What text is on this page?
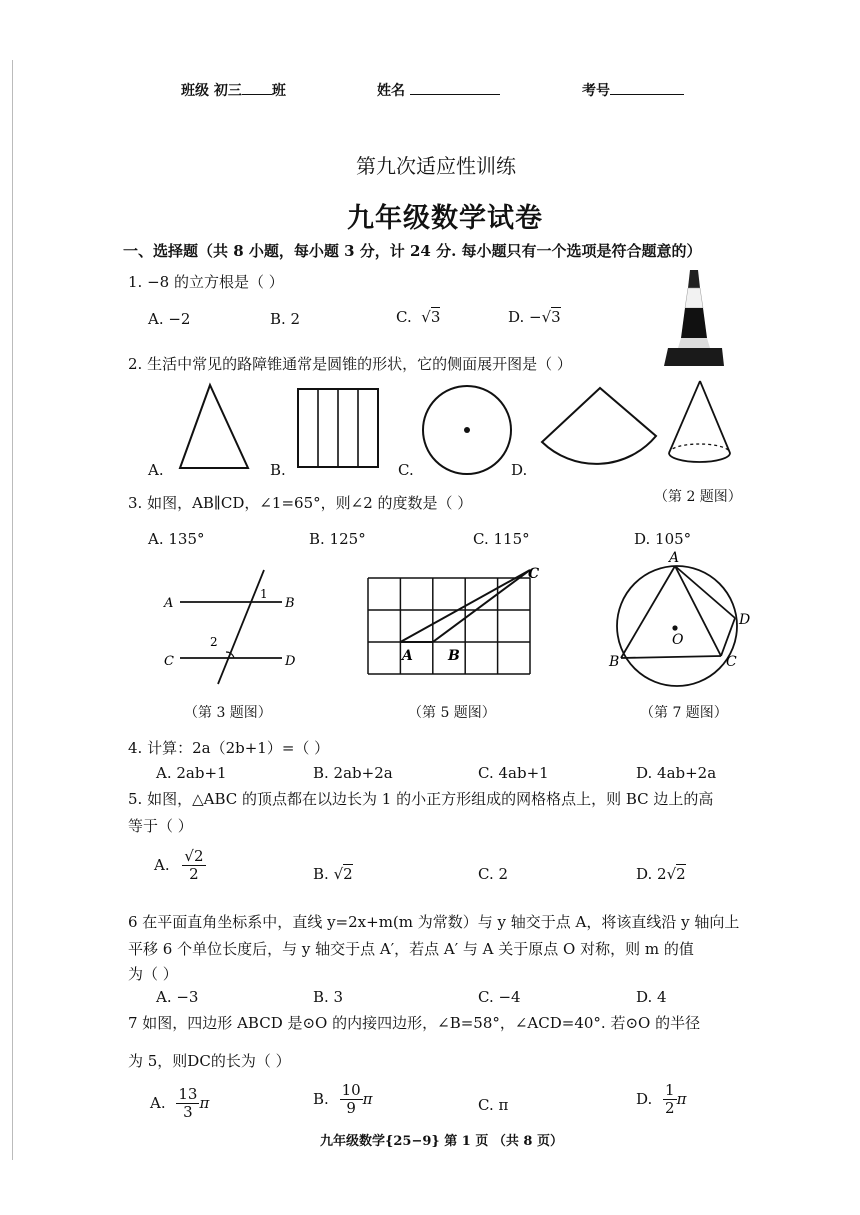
班级 初三 班	姓名	考号
第九次适应性训练
九年级数学试卷
一、选择题（共 8 小题，每小题 3 分，计 24 分. 每小题只有一个选项是符合题意的）
1. −8 的立方根是（ ）
A. −2	B. 2	C.  √3	D. −√3
2. 生活中常见的路障锥通常是圆锥的形状，它的侧面展开图是（ ）
A.	B.	C.	D.
（第 2 题图）
3. 如图，AB∥CD，∠1=65°，则∠2 的度数是（ ）
A. 135°	B. 125°	C. 115°	D. 105°
A	B
C	D
1
2
（第 3 题图）
A	B
C
（第 5 题图）
A
B	C
D
O
（第 7 题图）
4. 计算：2a（2b+1）=（ ）
A. 2ab+1	B. 2ab+2a	C. 4ab+1	D. 4ab+2a
5. 如图，△ABC 的顶点都在以边长为 1 的小正方形组成的网格格点上，则 BC 边上的高
等于（ ）
A. $\frac{√2}{2}$	B. √2	C. 2	D. 2√2
6 在平面直角坐标系中，直线 y=2x+m(m 为常数）与 y 轴交于点 A，将该直线沿 y 轴向上
平移 6 个单位长度后，与 y 轴交于点 A′，若点 A′ 与 A 关于原点 O 对称，则 m 的值
为（ ）
A. −3	B. 3	C. −4	D. 4
7 如图，四边形 ABCD 是⊙O 的内接四边形，∠B=58°，∠ACD=40°. 若⊙O 的半径
为 5，则DC的长为（ ）
A. $\frac{13}{3}$ π	B. $\frac{10}{9}$ π	C. π	D. $\frac{1}{2}$ π
九年级数学{25−9} 第 1 页 （共 8 页）
